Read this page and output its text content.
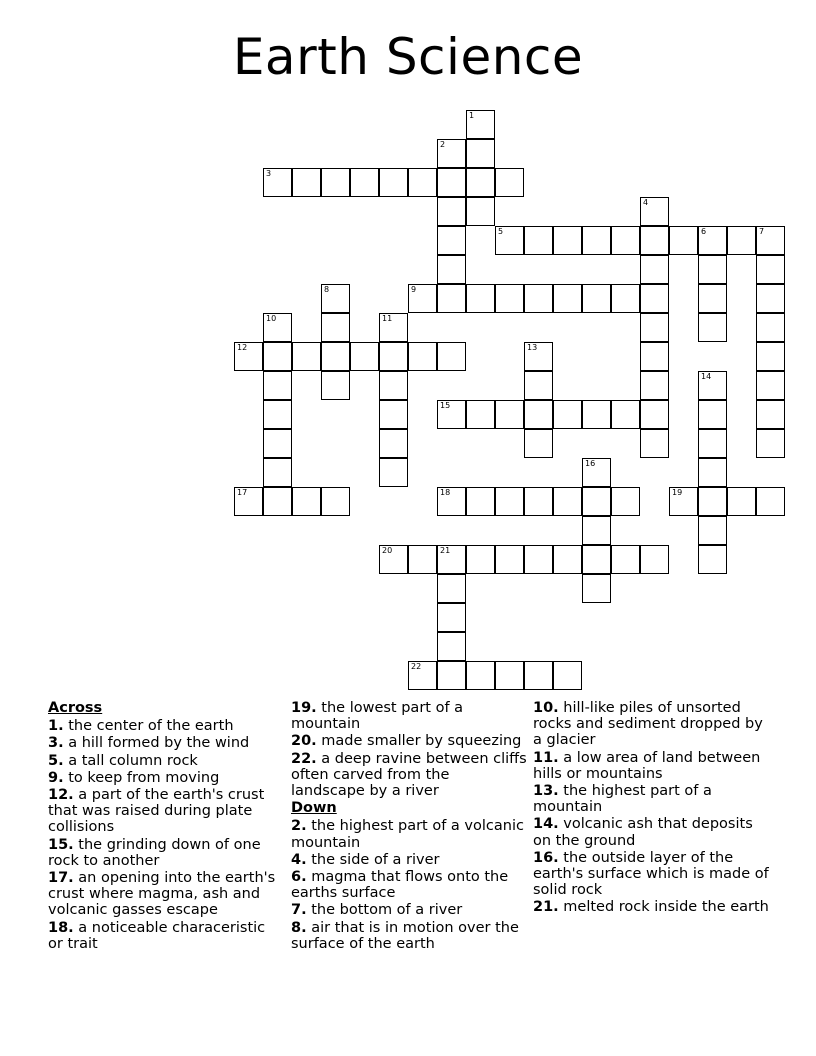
Earth Science
1
2
3
4
5	6	7
8	9
10	11
12	13
14
15
16
17	18	19
20	21
22
Across
1. the center of the earth
3. a hill formed by the wind
5. a tall column rock
9. to keep from moving
12. a part of the earth's crust that was raised during plate collisions
15. the grinding down of one rock to another
17. an opening into the earth's crust where magma, ash and volcanic gasses escape
18. a noticeable characeristic or trait
19. the lowest part of a mountain
20. made smaller by squeezing
22. a deep ravine between cliffs often carved from the landscape by a river
Down
2. the highest part of a volcanic mountain
4. the side of a river
6. magma that flows onto the earths surface
7. the bottom of a river
8. air that is in motion over the surface of the earth
10. hill-like piles of unsorted rocks and sediment dropped by a glacier
11. a low area of land between hills or mountains
13. the highest part of a mountain
14. volcanic ash that deposits on the ground
16. the outside layer of the earth's surface which is made of solid rock
21. melted rock inside the earth
